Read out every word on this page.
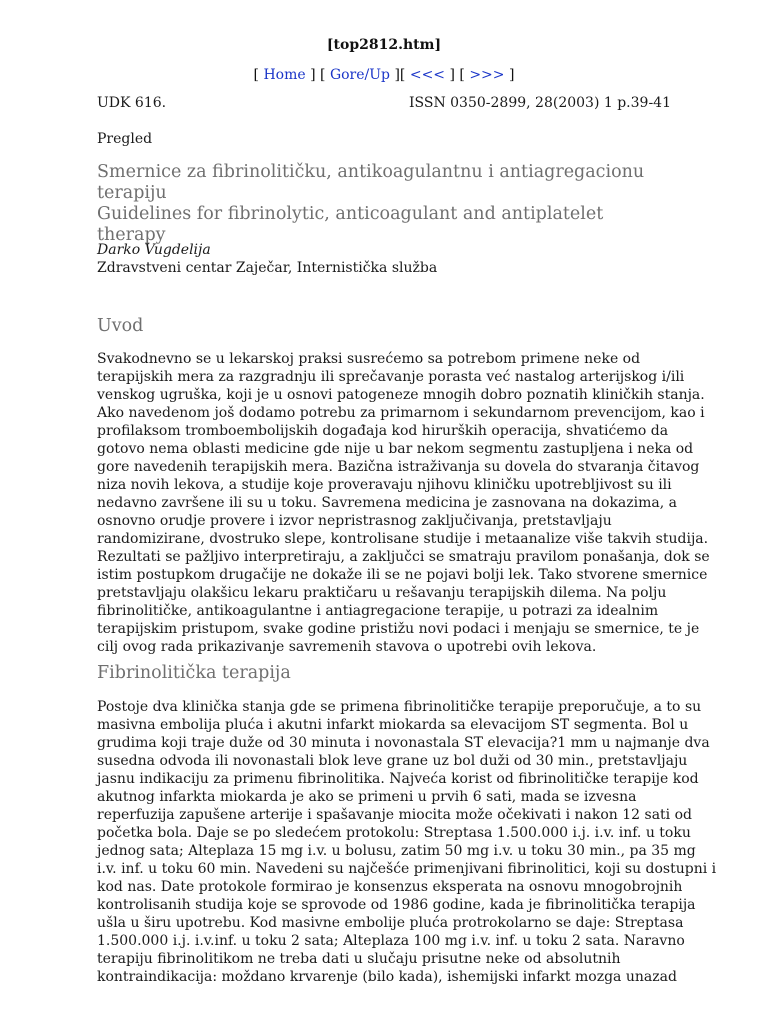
[top2812.htm]
[ Home ] [ Gore/Up ][ <<< ] [ >>> ]
UDK 616.	ISSN 0350-2899, 28(2003) 1 p.39-41
Pregled
Smernice za fibrinolitičku, antikoagulantnu i antiagregacionu terapiju
Guidelines for fibrinolytic, anticoagulant and antiplatelet therapy
Darko Vugdelija
Zdravstveni centar Zaječar, Internistička služba
Uvod
Svakodnevno se u lekarskoj praksi susrećemo sa potrebom primene neke od
terapijskih mera za razgradnju ili sprečavanje porasta već nastalog arterijskog i/ili
venskog ugruška, koji je u osnovi patogeneze mnogih dobro poznatih kliničkih stanja.
Ako navedenom još dodamo potrebu za primarnom i sekundarnom prevencijom, kao i
profilaksom tromboembolijskih događaja kod hirurških operacija, shvatićemo da
gotovo nema oblasti medicine gde nije u bar nekom segmentu zastupljena i neka od
gore navedenih terapijskih mera. Bazična istraživanja su dovela do stvaranja čitavog
niza novih lekova, a studije koje proveravaju njihovu kliničku upotrebljivost su ili
nedavno završene ili su u toku. Savremena medicina je zasnovana na dokazima, a
osnovno orudje provere i izvor nepristrasnog zaključivanja, pretstavljaju
randomizirane, dvostruko slepe, kontrolisane studije i metaanalize više takvih studija.
Rezultati se pažljivo interpretiraju, a zaključci se smatraju pravilom ponašanja, dok se
istim postupkom drugačije ne dokaže ili se ne pojavi bolji lek. Tako stvorene smernice
pretstavljaju olakšicu lekaru praktičaru u rešavanju terapijskih dilema. Na polju
fibrinolitičke, antikoagulantne i antiagregacione terapije, u potrazi za idealnim
terapijskim pristupom, svake godine pristižu novi podaci i menjaju se smernice, te je
cilj ovog rada prikazivanje savremenih stavova o upotrebi ovih lekova.
Fibrinolitička terapija
Postoje dva klinička stanja gde se primena fibrinolitičke terapije preporučuje, a to su
masivna embolija pluća i akutni infarkt miokarda sa elevacijom ST segmenta. Bol u
grudima koji traje duže od 30 minuta i novonastala ST elevacija?1 mm u najmanje dva
susedna odvoda ili novonastali blok leve grane uz bol duži od 30 min., pretstavljaju
jasnu indikaciju za primenu fibrinolitika. Najveća korist od fibrinolitičke terapije kod
akutnog infarkta miokarda je ako se primeni u prvih 6 sati, mada se izvesna
reperfuzija zapušene arterije i spašavanje miocita može očekivati i nakon 12 sati od
početka bola. Daje se po sledećem protokolu: Streptasa 1.500.000 i.j. i.v. inf. u toku
jednog sata; Alteplaza 15 mg i.v. u bolusu, zatim 50 mg i.v. u toku 30 min., pa 35 mg
i.v. inf. u toku 60 min. Navedeni su najčešće primenjivani fibrinolitici, koji su dostupni i
kod nas. Date protokole formirao je konsenzus eksperata na osnovu mnogobrojnih
kontrolisanih studija koje se sprovode od 1986 godine, kada je fibrinolitička terapija
ušla u širu upotrebu. Kod masivne embolije pluća protrokolarno se daje: Streptasa
1.500.000 i.j. i.v.inf. u toku 2 sata; Alteplaza 100 mg i.v. inf. u toku 2 sata. Naravno
terapiju fibrinolitikom ne treba dati u slučaju prisutne neke od absolutnih
kontraindikacija: moždano krvarenje (bilo kada), ishemijski infarkt mozga unazad
